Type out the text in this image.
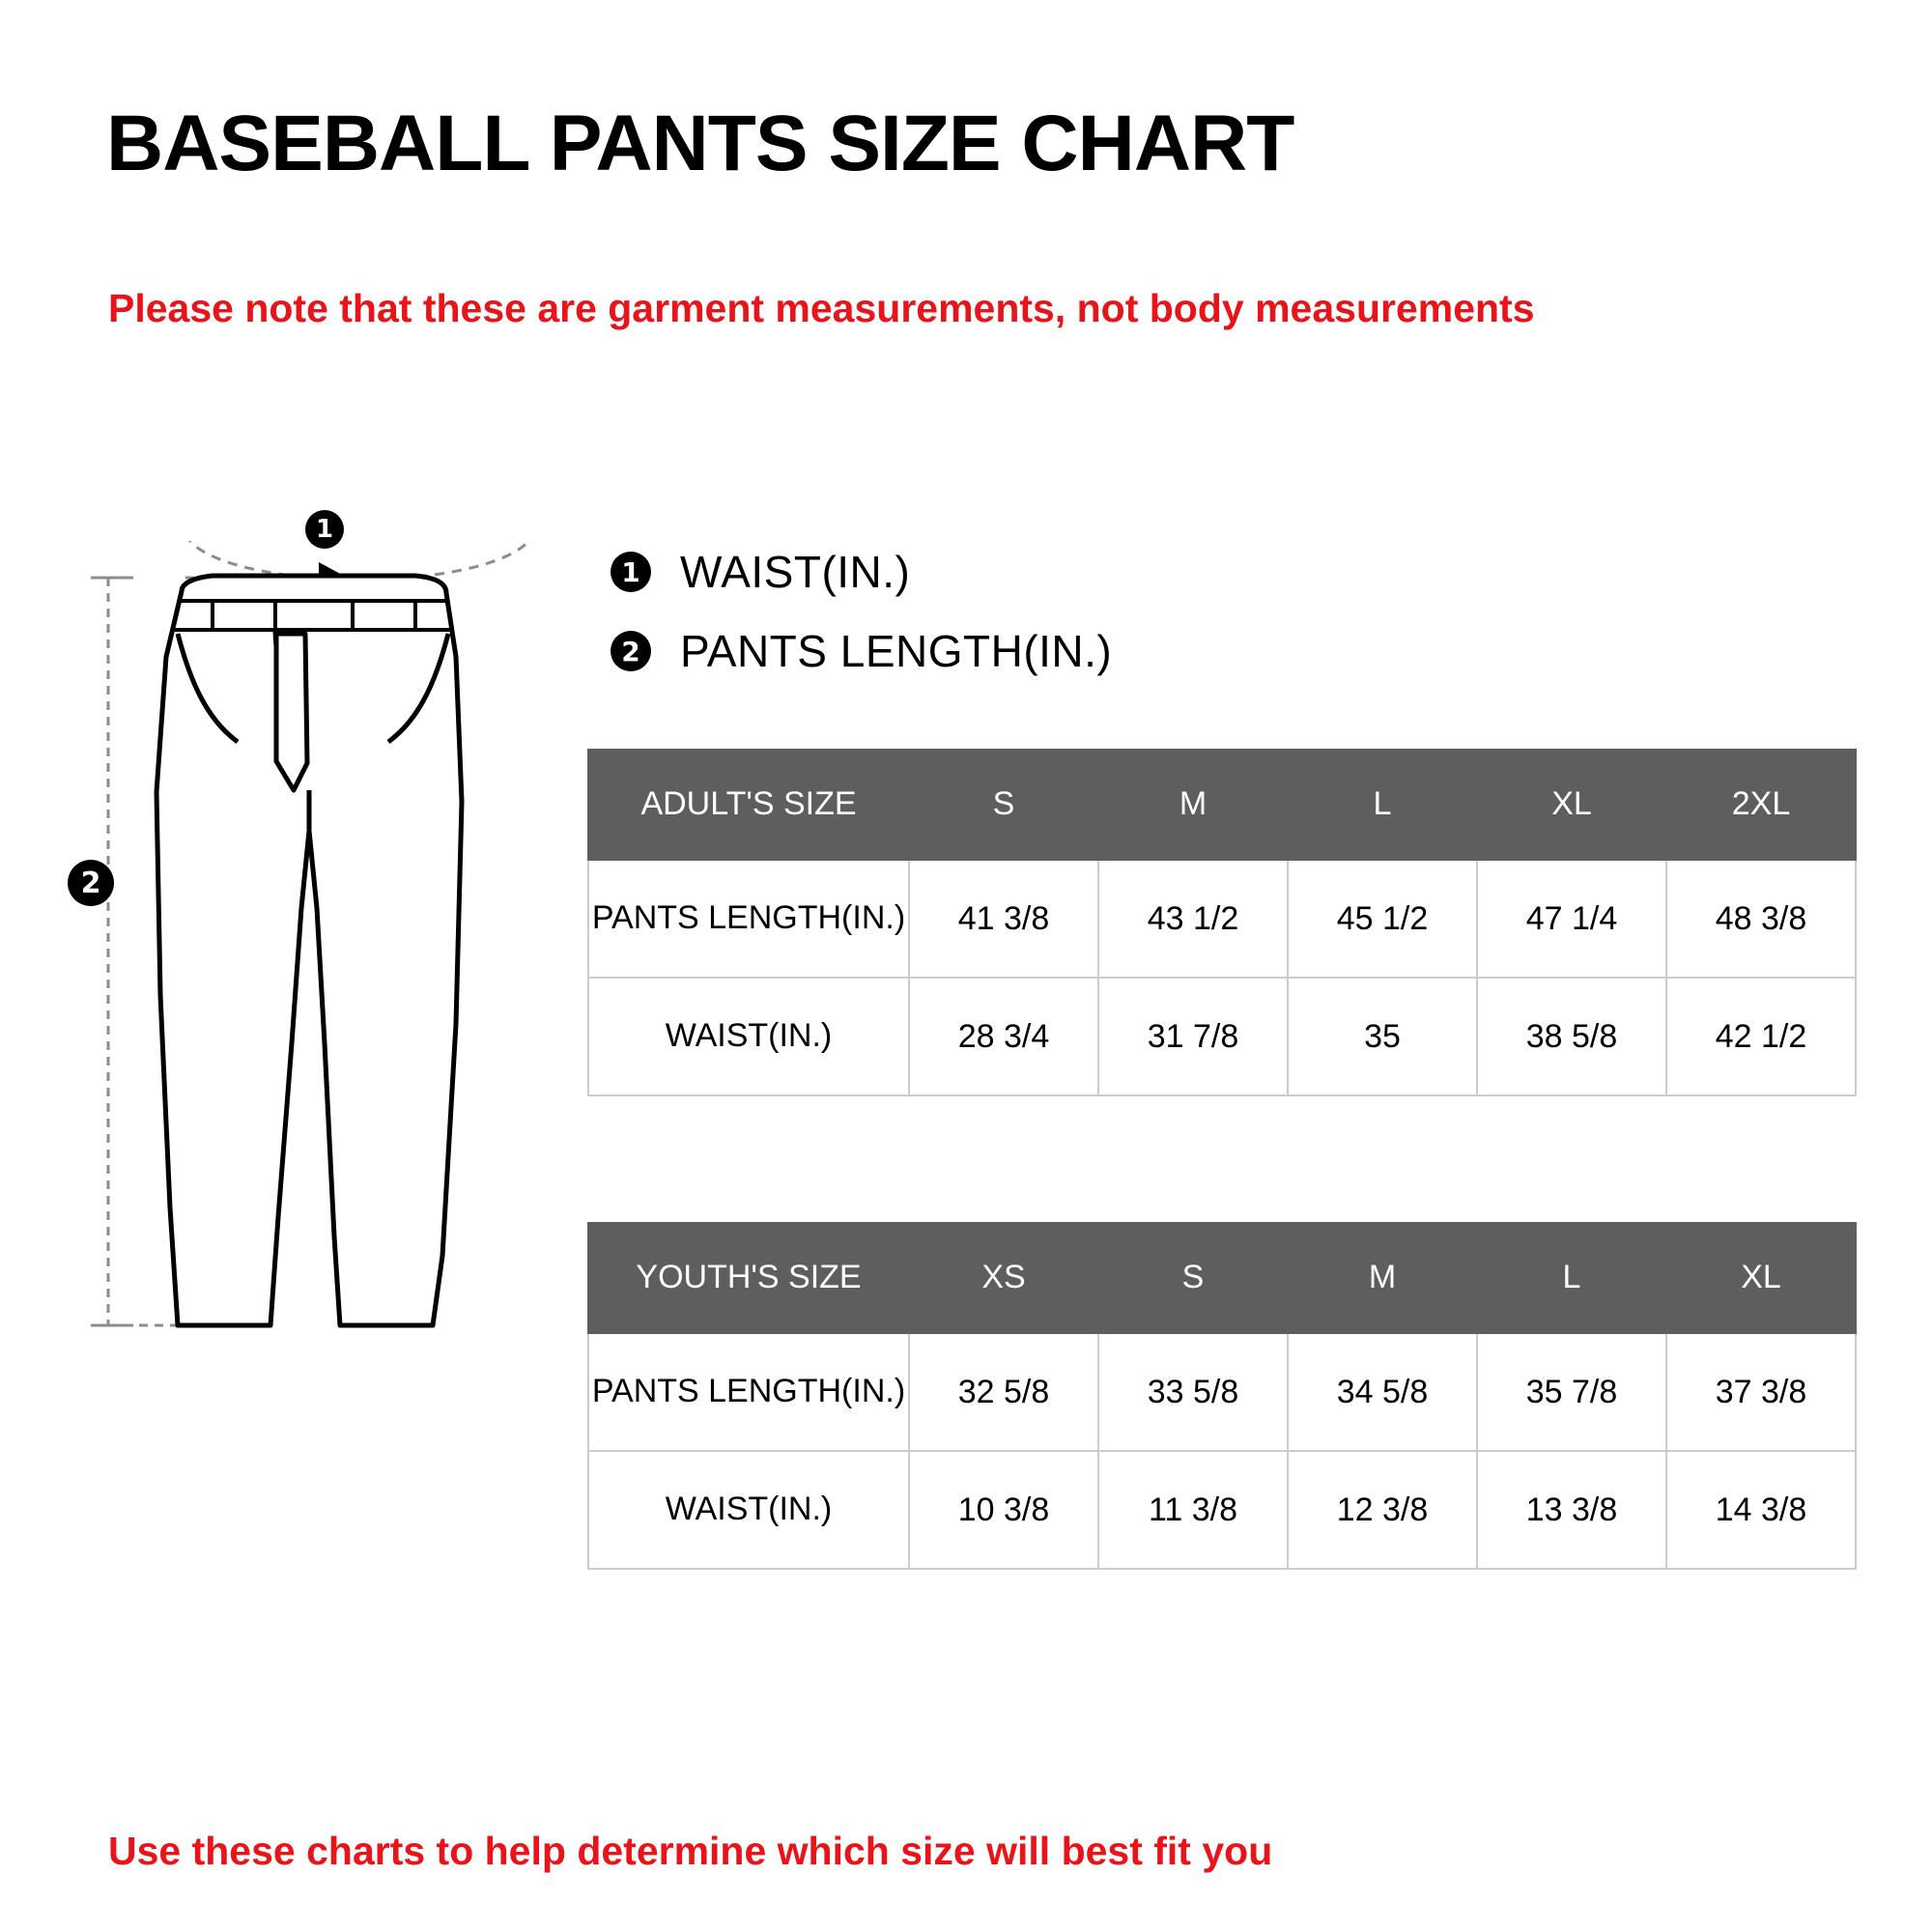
BASEBALL PANTS SIZE CHART
Please note that these are garment measurements, not body measurements
1
2
1 WAIST(IN.)
2 PANTS LENGTH(IN.)
ADULT'S SIZE	S	M	L	XL	2XL
PANTS LENGTH(IN.)	41 3/8	43 1/2	45 1/2	47 1/4	48 3/8
WAIST(IN.)	28 3/4	31 7/8	35	38 5/8	42 1/2
YOUTH'S SIZE	XS	S	M	L	XL
PANTS LENGTH(IN.)	32 5/8	33 5/8	34 5/8	35 7/8	37 3/8
WAIST(IN.)	10 3/8	11 3/8	12 3/8	13 3/8	14 3/8
Use these charts to help determine which size will best fit you
